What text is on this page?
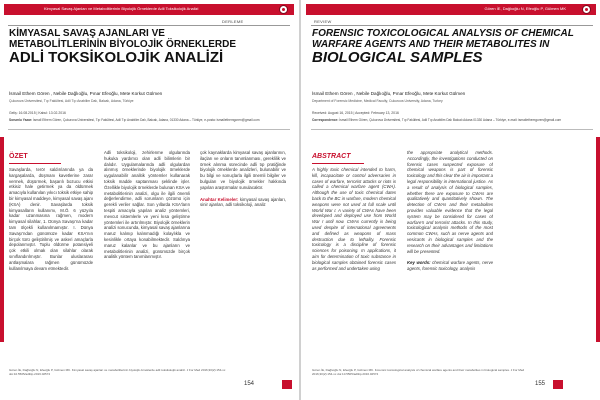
Kimyasal Savaş Ajanları ve Metabolitlerinin Biyolojik Örneklerde Adli Toksikolojik Analizi
DERLEME
KİMYASAL SAVAŞ AJANLARI VE
METABOLİTLERİNİN BİYOLOJİK ÖRNEKLERDE
ADLİ TOKSİKOLOJİK ANALİZİ
İsmail Ethem Gören , Nebile Dağlıoğlu, Pınar Efeoğlu, Mete Korkut Gülmen
Çukurova Üniversitesi, Tıp Fakültesi, Adli Tıp Anabilim Dalı, Balcalı, Adana, Türkiye
Geliş: 16.08.2015 | Kabul: 13.02.2016
Sorumlu Yazar: İsmail Ethem Gören, Çukurova Üniversitesi, Tıp Fakültesi, Adli Tıp Anabilim Dalı, Balcalı, Adana, 01330 Adana – Türkiye, e-posta: ismailethemgoren@gmail.com
ÖZET
Savaşlarda, terör saldırılarında ya da kargaşalarda, düşmanı kavetlerine zarar vermek, düşürmek, başarılı bozucu etkisi etkisiz hale getirmek ya da öldürmek amacıyla kullanılan yıkıcı toksik etkiye sahip bir kimyasal maddeye, kimyasal savaş ajanı (KSA) denir. Savaşlarda toksik kimyasalların kullanımı, M.Ö. 6 yüzyıla kadar uzanmasına rağmen, modern kimyasal silahlar, 1. Dünya Savaşı'na kadar tam ölçekli kullanılmamıştır. I. Dünya Savaşı'ndan günümüze kadar KSA'nın birçok türü geliştirilmiş ve askeri amaçlarla depolanmıştır. Toplu öldürme potansiyeli çok etkili olmak olan silahlar olarak sınıflandırılmıştır. Bunlar uluslararası antlaşmalara rağmen günümüzde kullanılmaya devam etmektedir.
Adli toksikoloji, zehirlenme olgularında hukuka yardımcı olan adli bilimlerin bir dalıdır. Uygulamalarında adli olgulardan alınmış örneklerinde biyolojik örneklerde uygulanabilir analitik yöntemler kullanarak toksik madde saptanması şeklinde işler. Özellikle biyolojik örneklerde bulunan KSA ve metabolitlerinin analizi, olgu ile ilgili önemli değerlendirme, adli sorunların çözümü için gerekli veriler sağlar. Son yıllarda KSA'ların tespiti amacıyla yapılan analiz yöntemleri, mevcut sistemlerle ve yeni kısa geliştirme yöntemleri ile artırılmıştır. Biyolojik örneklerin analizi sonucunda, kimyasal savaş ajanlarına maruz kalınıp kalınmadığı kolaylıkla ve kesinlikle ortaya konabilmektedir. Saldırıya maruz kalanlar ve bu ajanların ve metabolitlerinin analizi, günümüzde birçok analitik yöntem tanımlanmıştır.
çok kaynaklarda kimyasal savaş ajanlarının, ilaçları ve onların tanımlanması, gereklilik ve örnek alınma sürecinde adli tıp pratiğinde biyolojik örneklerde analizleri, bulunabilir ve bu bilgi ve sonuçlarla ilgili önemli bilgiler ve bulguları ve biyolojik örnekler hakkında yapılan araştırmalar sunulacaktır.
Anahtar Kelimeler: kimyasal savaş ajanları, sinir ajanları, adli toksikoloji, analiz
Gören İE, Dağlıoğlu N, Efeoğlu P, Gülmen MK. Kimyasal savaş ajanları ve metabolitlerinin biyolojik örneklerde adli toksikolojik analizi. J For Med 2016;30(2):154-xx doi:10.5505/adlitip.2016.02574
154
Gören İE, Dağlıoğlu N, Efeoğlu P, Gülmen MK
REVIEW
FORENSIC TOXICOLOGICAL ANALYSIS OF CHEMICAL
WARFARE AGENTS AND THEIR METABOLITES IN
BIOLOGICAL SAMPLES
İsmail Ethem Gören , Nebile Dağlıoğlu, Pınar Efeoğlu, Mete Korkut Gülmen
Department of Forensic Medicine, Medical Faculty, Cukurova University, Adana, Turkey
Received: August 16, 2015 | Accepted: February 13, 2016
Correspondence: İsmail Ethem Gören, Çukurova Üniversitesi, Tıp Fakültesi, Adli Tıp Anabilim Dalı Balcalı Adana 01330 Adana – Türkiye, e-mail: ismailethemgoren@gmail.com
ABSTRACT
A highly toxic chemical intended to harm, kill, incapacitate or control adversaries in cases of warfare, terrorist attacks or riots is called a chemical warfare agent (CWA). Although the use of toxic chemical dates back to the BC in warfare, modern chemical weapons were not used at full scale until World War I. A variety of CWAs have been developed and deployed use from World War I until now. CWAs currently is being used despite of international agreements and defined as weapons of mass destruction due to lethality. Forensic toxicology is a discipline of forensic sciences for poisoning. In applications, it aim for determination of toxic substance in biological samples obtained forensic cases as performed and undertaken using
the appropriate analytical methods. Accordingly, the investigations conducted on forensic cases suspected exposure of chemical weapons is part of forensic toxicology and this clear the air is important a legal responsibility in international justice. As a result of analysis of biological samples, whether there are exposure to CWAs are qualitatively and quantitatively shown. The detection of CWAs and their metabolites provides valuable evidence that the legal system may be considered for cases of warfare's and terrorist attacks. In this study, toxicological analysis methods of the most common CWAs, such as nerve agents and vesicants in biological samples and the research on their advantages and limitations will be presented.
Key words: chemical warfare agents, nerve agents, forensic toxicology, analysis
Gören İE, Dağlıoğlu N, Efeoğlu P, Gülmen MK. Forensic toxicological analysis of chemical warfare agents and their metabolites in biological samples. J For Med 2016;30(2):154-xx doi:10.5505/adlitip.2016.02574
155
